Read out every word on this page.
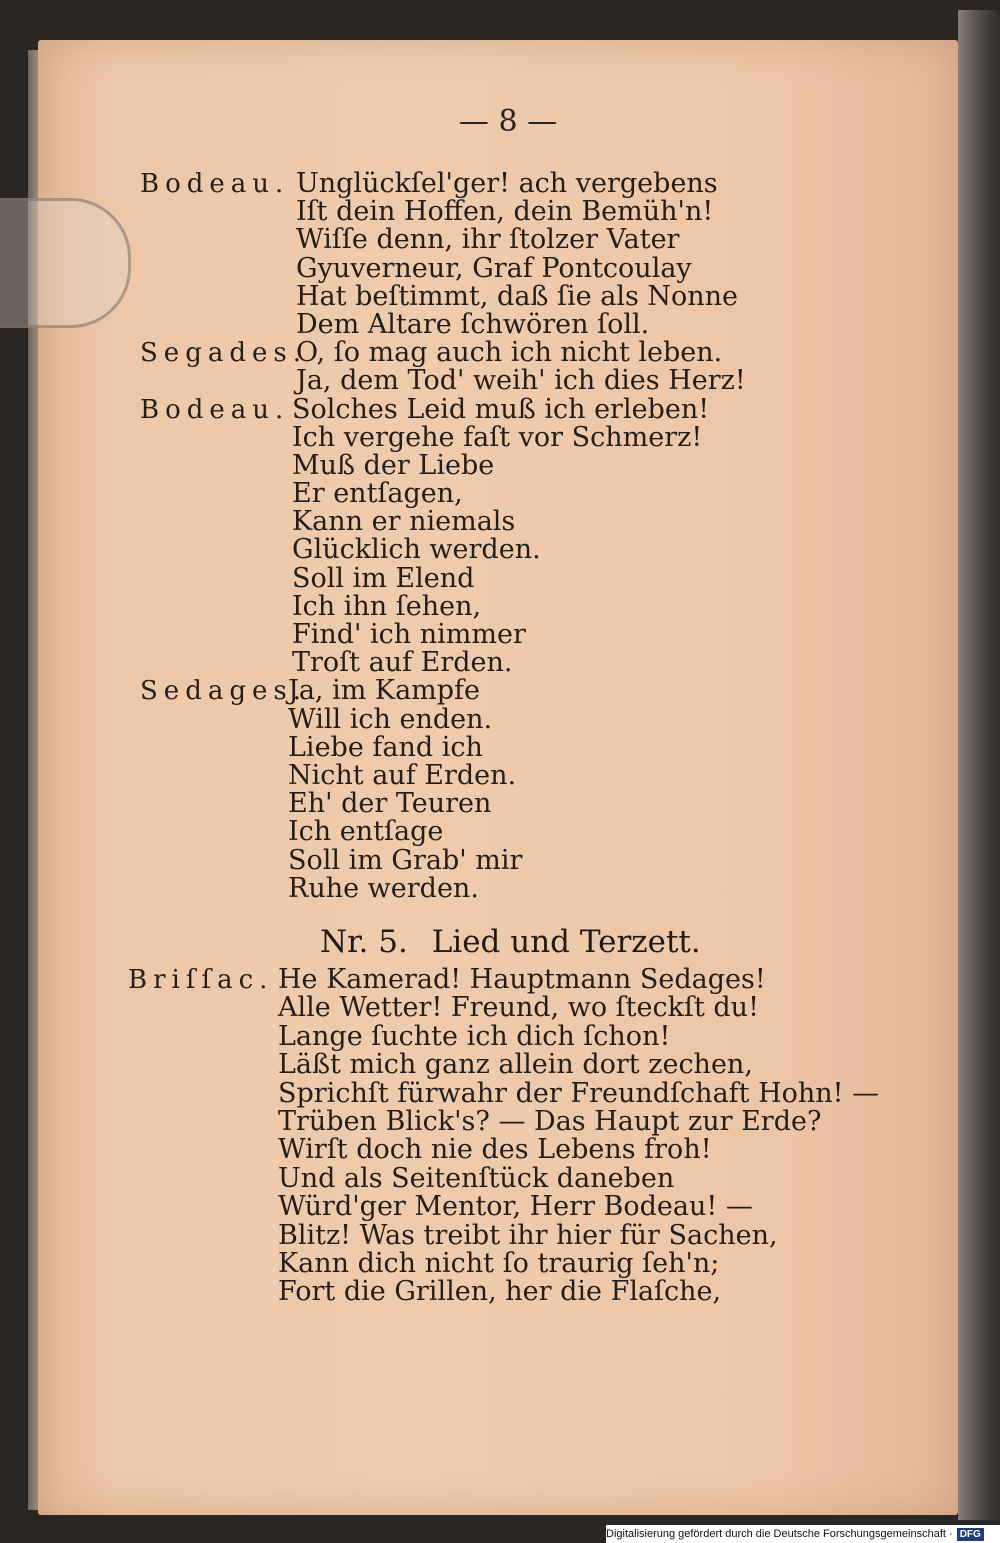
— 8 —
Bodeau. Unglückſel'ger! ach vergebens
Iſt dein Hoffen, dein Bemüh'n!
Wiſſe denn, ihr ſtolzer Vater
Gyuverneur, Graf Pontcoulay
Hat beſtimmt, daß ſie als Nonne
Dem Altare ſchwören ſoll.
Segades.
O, ſo mag auch ich nicht leben.
Ja, dem Tod' weih' ich dies Herz!
Bodeau. Solches Leid muß ich erleben!
Ich vergehe faſt vor Schmerz!
Muß der Liebe
Er entſagen,
Kann er niemals
Glücklich werden.
Soll im Elend
Ich ihn ſehen,
Find' ich nimmer
Troſt auf Erden.
Sedages.
Ja, im Kampfe
Will ich enden.
Liebe fand ich
Nicht auf Erden.
Eh' der Teuren
Ich entſage
Soll im Grab' mir
Ruhe werden.
Nr. 5. Lied und Terzett.
Briſſac. He Kamerad! Hauptmann Sedages!
Alle Wetter! Freund, wo ſteckſt du!
Lange ſuchte ich dich ſchon!
Läßt mich ganz allein dort zechen,
Sprichſt fürwahr der Freundſchaft Hohn! —
Trüben Blick's? — Das Haupt zur Erde?
Wirſt doch nie des Lebens froh!
Und als Seitenſtück daneben
Würd'ger Mentor, Herr Bodeau! —
Blitz! Was treibt ihr hier für Sachen,
Kann dich nicht ſo traurig ſeh'n;
Fort die Grillen, her die Flaſche,
Digitalisierung gefördert durch die Deutsche Forschungsgemeinschaft · DFG
